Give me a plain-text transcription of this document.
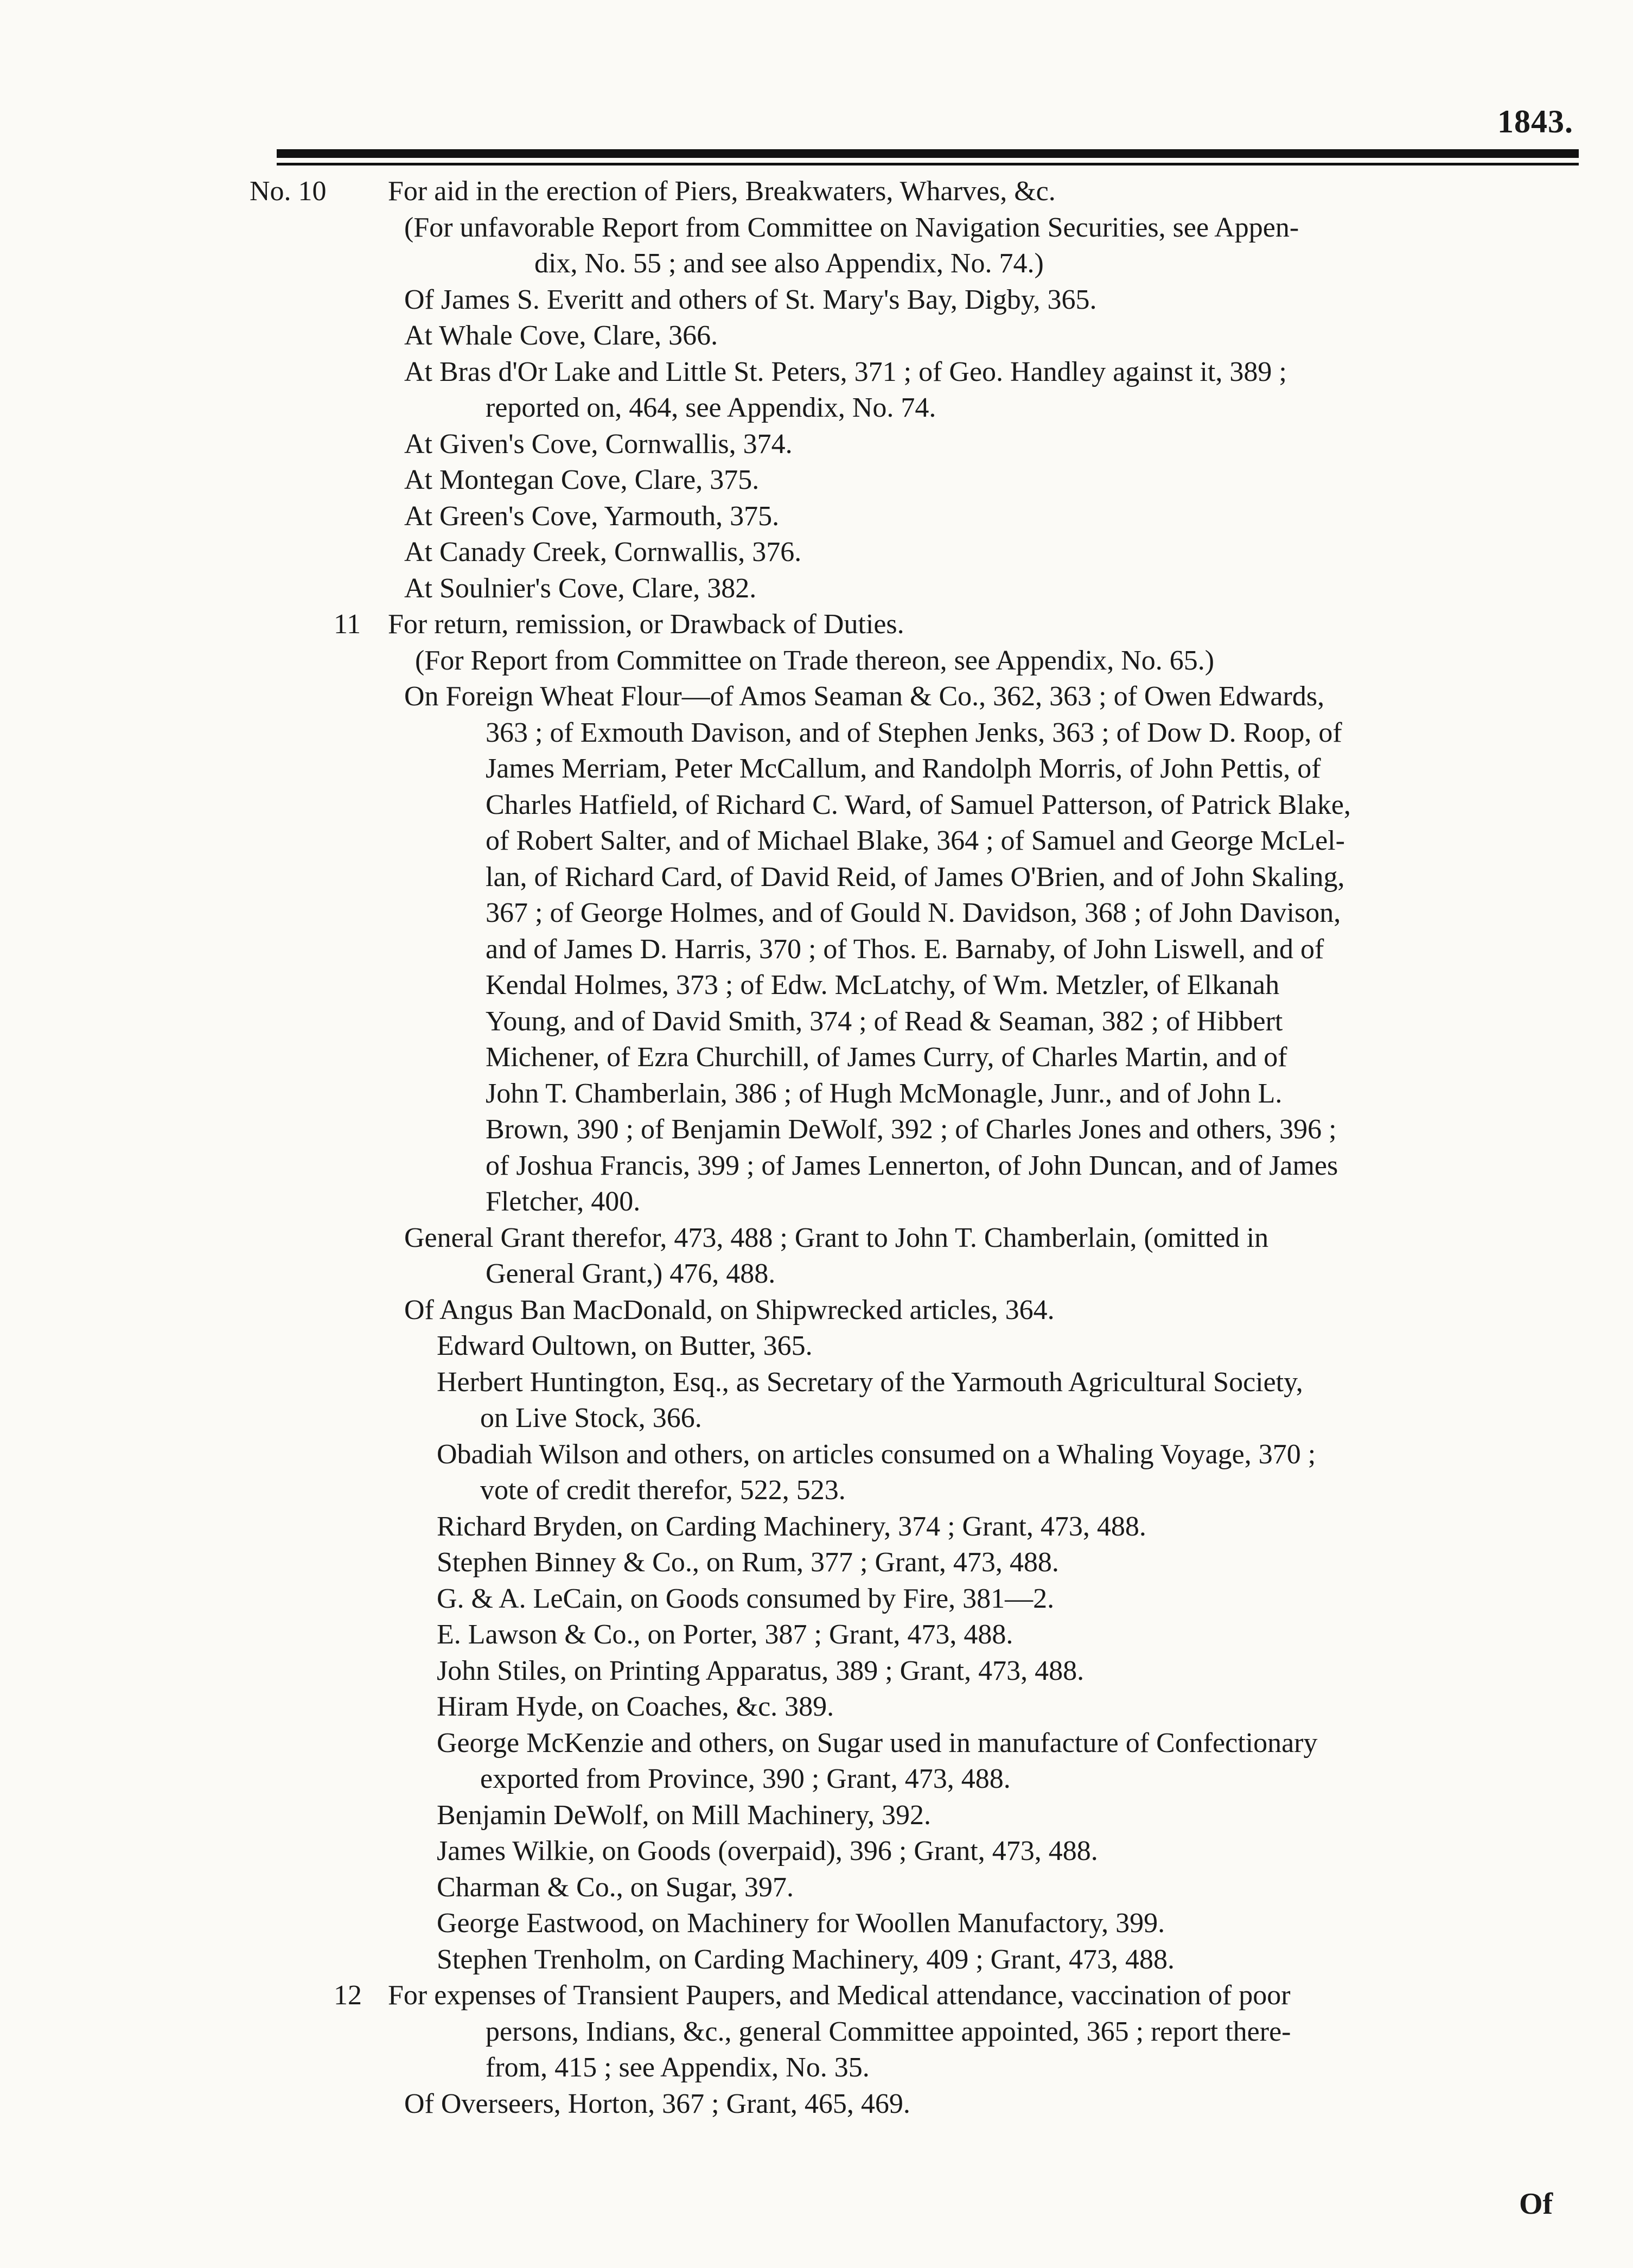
1843.
No. 10 For aid in the erection of Piers, Breakwaters, Wharves, &c.
(For unfavorable Report from Committee on Navigation Securities, see Appen-
dix, No. 55 ; and see also Appendix, No. 74.)
Of James S. Everitt and others of St. Mary's Bay, Digby, 365.
At Whale Cove, Clare, 366.
At Bras d'Or Lake and Little St. Peters, 371 ; of Geo. Handley against it, 389 ;
reported on, 464, see Appendix, No. 74.
At Given's Cove, Cornwallis, 374.
At Montegan Cove, Clare, 375.
At Green's Cove, Yarmouth, 375.
At Canady Creek, Cornwallis, 376.
At Soulnier's Cove, Clare, 382.
11 For return, remission, or Drawback of Duties.
(For Report from Committee on Trade thereon, see Appendix, No. 65.)
On Foreign Wheat Flour—of Amos Seaman & Co., 362, 363 ; of Owen Edwards,
363 ; of Exmouth Davison, and of Stephen Jenks, 363 ; of Dow D. Roop, of
James Merriam, Peter McCallum, and Randolph Morris, of John Pettis, of
Charles Hatfield, of Richard C. Ward, of Samuel Patterson, of Patrick Blake,
of Robert Salter, and of Michael Blake, 364 ; of Samuel and George McLel-
lan, of Richard Card, of David Reid, of James O'Brien, and of John Skaling,
367 ; of George Holmes, and of Gould N. Davidson, 368 ; of John Davison,
and of James D. Harris, 370 ; of Thos. E. Barnaby, of John Liswell, and of
Kendal Holmes, 373 ; of Edw. McLatchy, of Wm. Metzler, of Elkanah
Young, and of David Smith, 374 ; of Read & Seaman, 382 ; of Hibbert
Michener, of Ezra Churchill, of James Curry, of Charles Martin, and of
John T. Chamberlain, 386 ; of Hugh McMonagle, Junr., and of John L.
Brown, 390 ; of Benjamin DeWolf, 392 ; of Charles Jones and others, 396 ;
of Joshua Francis, 399 ; of James Lennerton, of John Duncan, and of James
Fletcher, 400.
General Grant therefor, 473, 488 ; Grant to John T. Chamberlain, (omitted in
General Grant,) 476, 488.
Of Angus Ban MacDonald, on Shipwrecked articles, 364.
Edward Oultown, on Butter, 365.
Herbert Huntington, Esq., as Secretary of the Yarmouth Agricultural Society,
on Live Stock, 366.
Obadiah Wilson and others, on articles consumed on a Whaling Voyage, 370 ;
vote of credit therefor, 522, 523.
Richard Bryden, on Carding Machinery, 374 ; Grant, 473, 488.
Stephen Binney & Co., on Rum, 377 ; Grant, 473, 488.
G. & A. LeCain, on Goods consumed by Fire, 381—2.
E. Lawson & Co., on Porter, 387 ; Grant, 473, 488.
John Stiles, on Printing Apparatus, 389 ; Grant, 473, 488.
Hiram Hyde, on Coaches, &c. 389.
George McKenzie and others, on Sugar used in manufacture of Confectionary
exported from Province, 390 ; Grant, 473, 488.
Benjamin DeWolf, on Mill Machinery, 392.
James Wilkie, on Goods (overpaid), 396 ; Grant, 473, 488.
Charman & Co., on Sugar, 397.
George Eastwood, on Machinery for Woollen Manufactory, 399.
Stephen Trenholm, on Carding Machinery, 409 ; Grant, 473, 488.
12 For expenses of Transient Paupers, and Medical attendance, vaccination of poor
persons, Indians, &c., general Committee appointed, 365 ; report there-
from, 415 ; see Appendix, No. 35.
Of Overseers, Horton, 367 ; Grant, 465, 469.
Of
